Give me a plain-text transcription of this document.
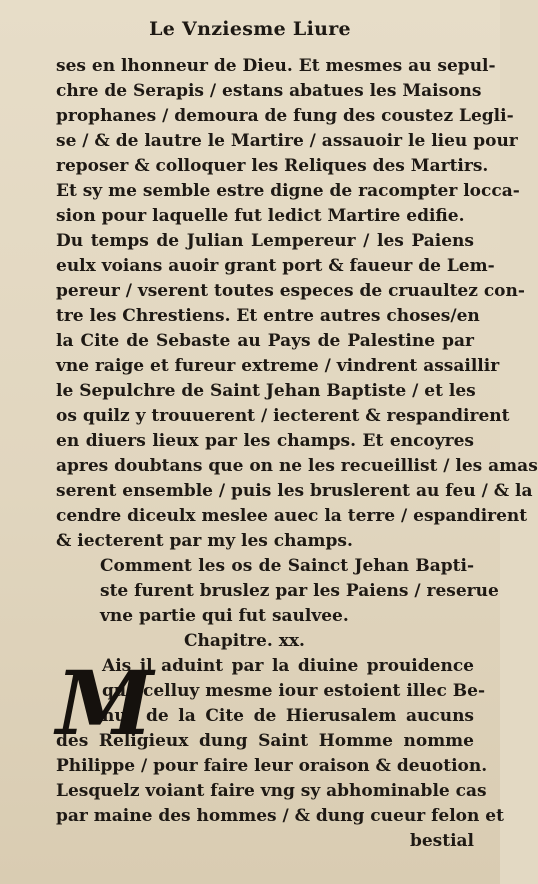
Le Vnziesme Liure
ses en lhonneur de Dieu. Et mesmes au sepul-
chre de Serapis / estans abatues les Maisons
prophanes / demoura de fung des coustez Legli-
se / & de lautre le Martire / assauoir le lieu pour
reposer & colloquer les Reliques des Martirs.
Et sy me semble estre digne de racompter locca-
sion pour laquelle fut ledict Martire edifie.
Du temps de Julian Lempereur / les Paiens
eulx voians auoir grant port & faueur de Lem-
pereur / vserent toutes especes de cruaultez con-
tre les Chrestiens. Et entre autres choses/en
la Cite de Sebaste au Pays de Palestine par
vne raige et fureur extreme / vindrent assaillir
le Sepulchre de Saint Jehan Baptiste / et les
os quilz y trouuerent / iecterent & respandirent
en diuers lieux par les champs. Et encoyres
apres doubtans que on ne les recueillist / les amas
serent ensemble / puis les bruslerent au feu / & la
cendre diceulx meslee auec la terre / espandirent
& iecterent par my les champs.
Comment les os de Sainct Jehan Bapti-
ste furent bruslez par les Paiens / reserue
vne partie qui fut saulvee.
Chapitre. xx.
M
Ais il aduint par la diuine prouidence
que celluy mesme iour estoient illec Be-
nuz de la Cite de Hierusalem aucuns
des Religieux dung Saint Homme nomme
Philippe / pour faire leur oraison & deuotion.
Lesquelz voiant faire vng sy abhominable cas
par maine des hommes / & dung cueur felon et
bestial
